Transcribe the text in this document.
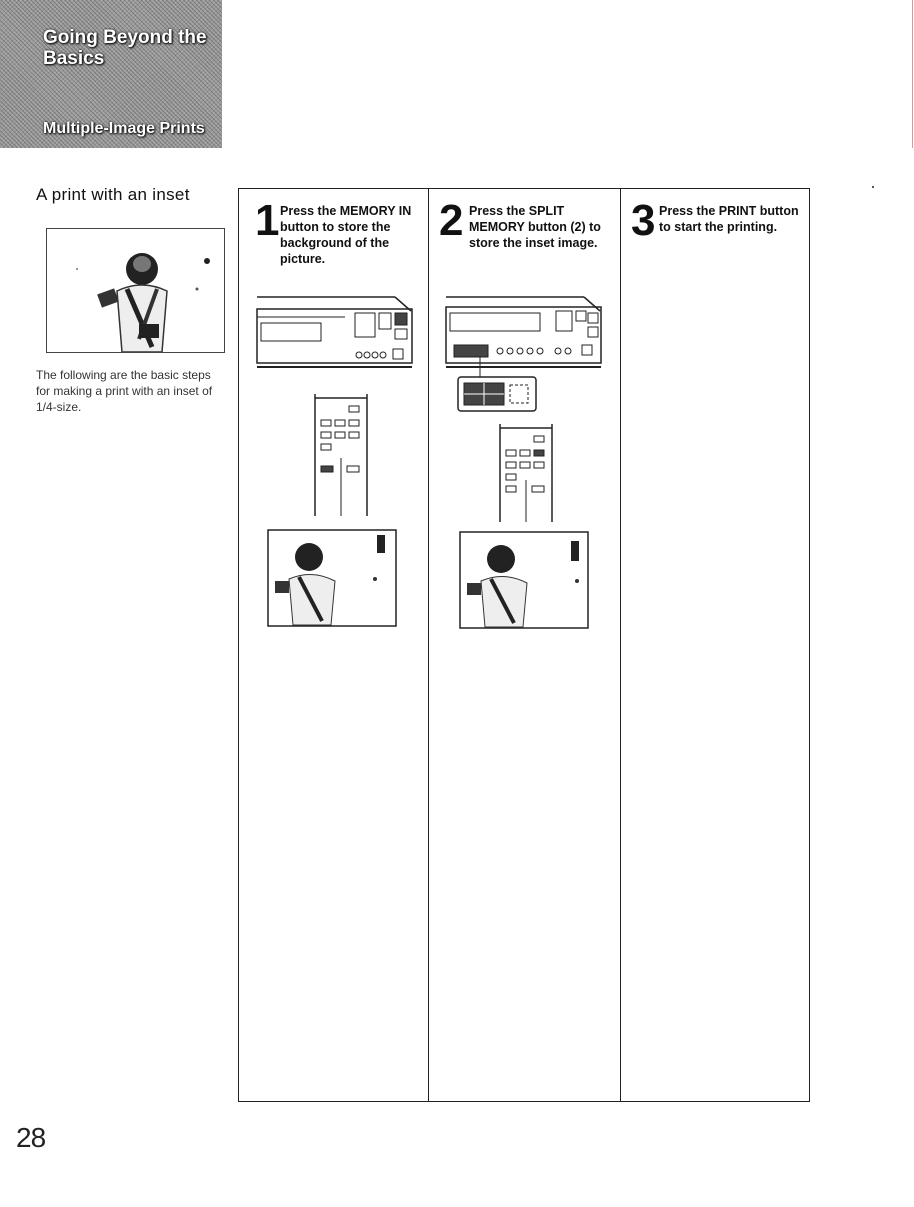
Going Beyond the Basics
Multiple-Image Prints
A print with an inset
The following are the basic steps for making a print with an inset of 1/4-size.
1 Press the MEMORY IN button to store the background of the picture.
2 Press the SPLIT MEMORY button (2) to store the inset image. 3 Press the PRINT button to start the printing.
28
